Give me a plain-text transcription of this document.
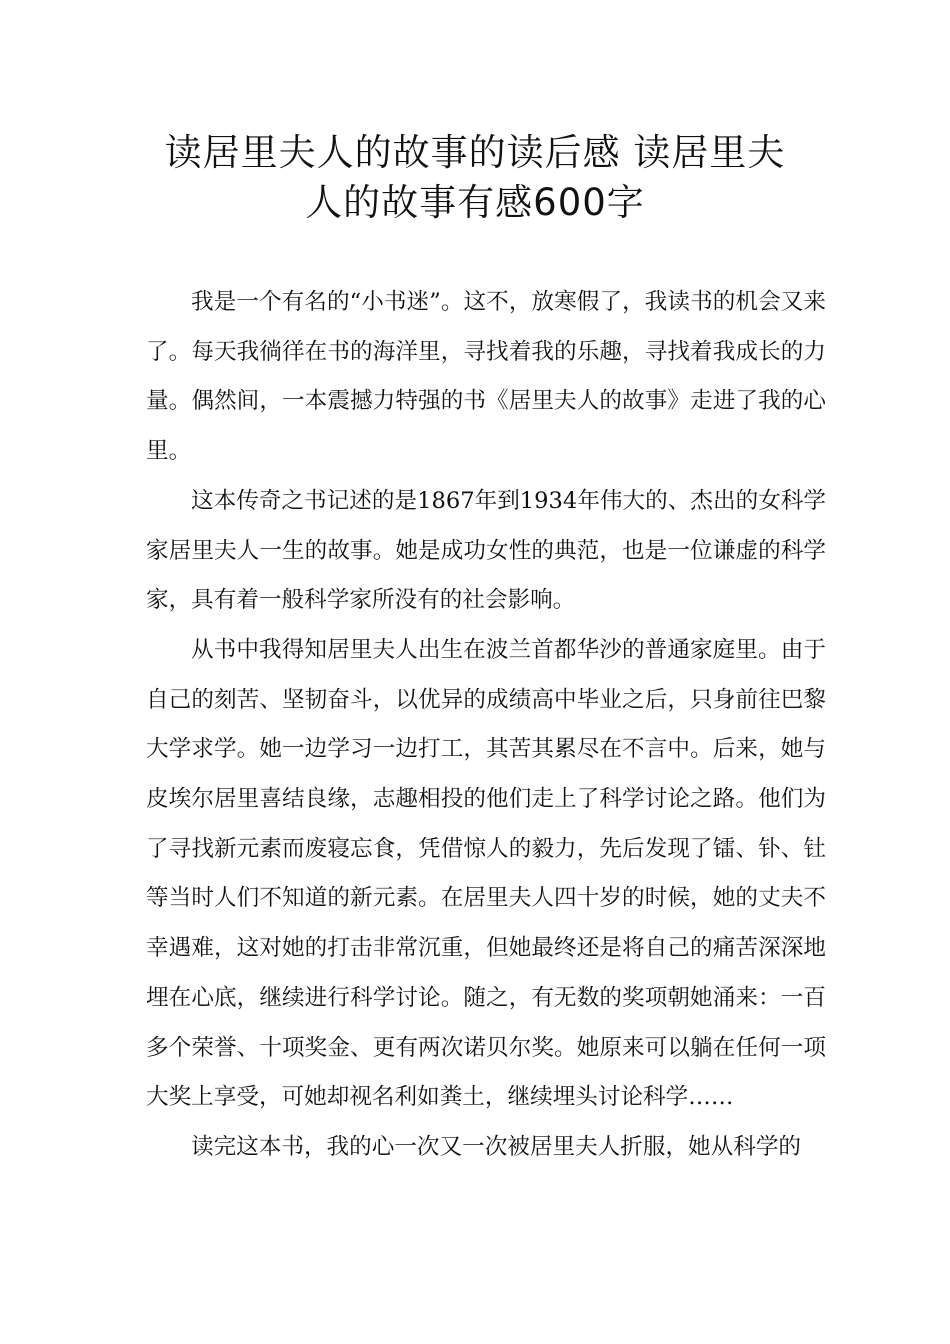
读居里夫人的故事的读后感 读居里夫
人的故事有感600字

我是一个有名的“小书迷”。这不，放寒假了，我读书的机会又来了。每天我徜徉在书的海洋里，寻找着我的乐趣，寻找着我成长的力量。偶然间，一本震撼力特强的书《居里夫人的故事》走进了我的心里。

这本传奇之书记述的是1867年到1934年伟大的、杰出的女科学家居里夫人一生的故事。她是成功女性的典范，也是一位谦虚的科学家，具有着一般科学家所没有的社会影响。

从书中我得知居里夫人出生在波兰首都华沙的普通家庭里。由于自己的刻苦、坚韧奋斗，以优异的成绩高中毕业之后，只身前往巴黎大学求学。她一边学习一边打工，其苦其累尽在不言中。后来，她与皮埃尔居里喜结良缘，志趣相投的他们走上了科学讨论之路。他们为了寻找新元素而废寝忘食，凭借惊人的毅力，先后发现了镭、钋、钍等当时人们不知道的新元素。在居里夫人四十岁的时候，她的丈夫不幸遇难，这对她的打击非常沉重，但她最终还是将自己的痛苦深深地埋在心底，继续进行科学讨论。随之，有无数的奖项朝她涌来：一百多个荣誉、十项奖金、更有两次诺贝尔奖。她原来可以躺在任何一项大奖上享受，可她却视名利如粪土，继续埋头讨论科学……

读完这本书，我的心一次又一次被居里夫人折服，她从科学的
